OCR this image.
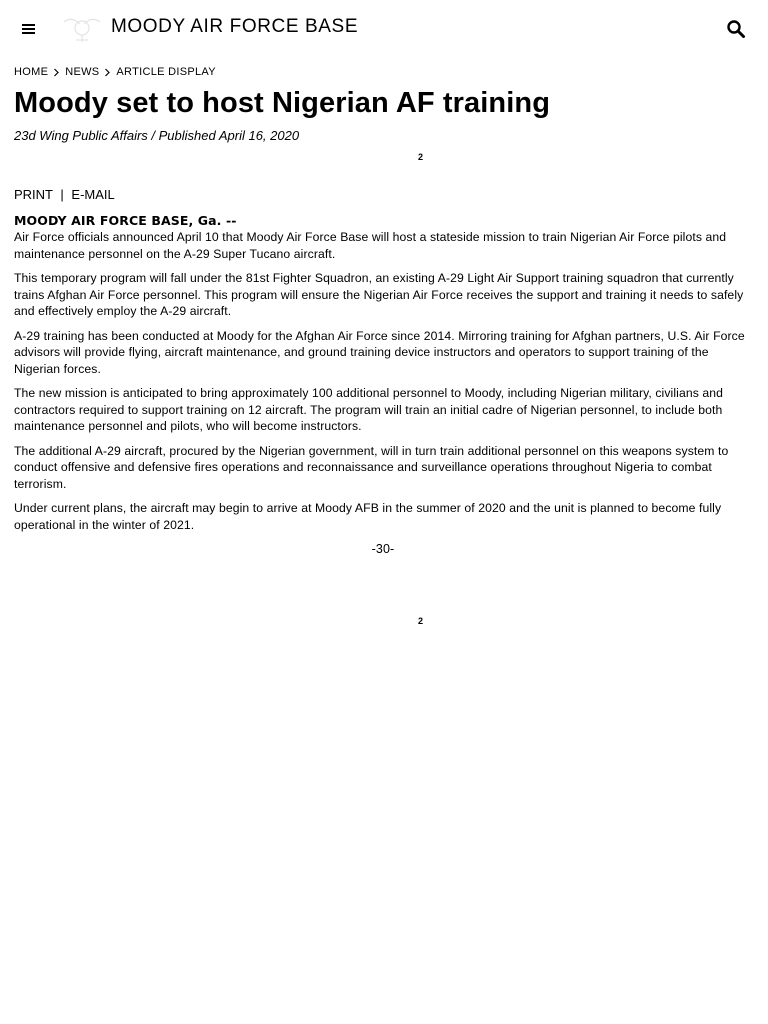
MOODY AIR FORCE BASE
HOME NEWS ARTICLE DISPLAY
Moody set to host Nigerian AF training
23d Wing Public Affairs / Published April 16, 2020
2
PRINT | E-MAIL
MOODY AIR FORCE BASE, Ga. --

Air Force officials announced April 10 that Moody Air Force Base will host a stateside mission to train Nigerian Air Force pilots and maintenance personnel on the A-29 Super Tucano aircraft.

This temporary program will fall under the 81st Fighter Squadron, an existing A-29 Light Air Support training squadron that currently trains Afghan Air Force personnel. This program will ensure the Nigerian Air Force receives the support and training it needs to safely and effectively employ the A-29 aircraft.

A-29 training has been conducted at Moody for the Afghan Air Force since 2014. Mirroring training for Afghan partners, U.S. Air Force advisors will provide flying, aircraft maintenance, and ground training device instructors and operators to support training of the Nigerian forces.

The new mission is anticipated to bring approximately 100 additional personnel to Moody, including Nigerian military, civilians and contractors required to support training on 12 aircraft. The program will train an initial cadre of Nigerian personnel, to include both maintenance personnel and pilots, who will become instructors.

The additional A-29 aircraft, procured by the Nigerian government, will in turn train additional personnel on this weapons system to conduct offensive and defensive fires operations and reconnaissance and surveillance operations throughout Nigeria to combat terrorism.

Under current plans, the aircraft may begin to arrive at Moody AFB in the summer of 2020 and the unit is planned to become fully operational in the winter of 2021.

-30-
2
